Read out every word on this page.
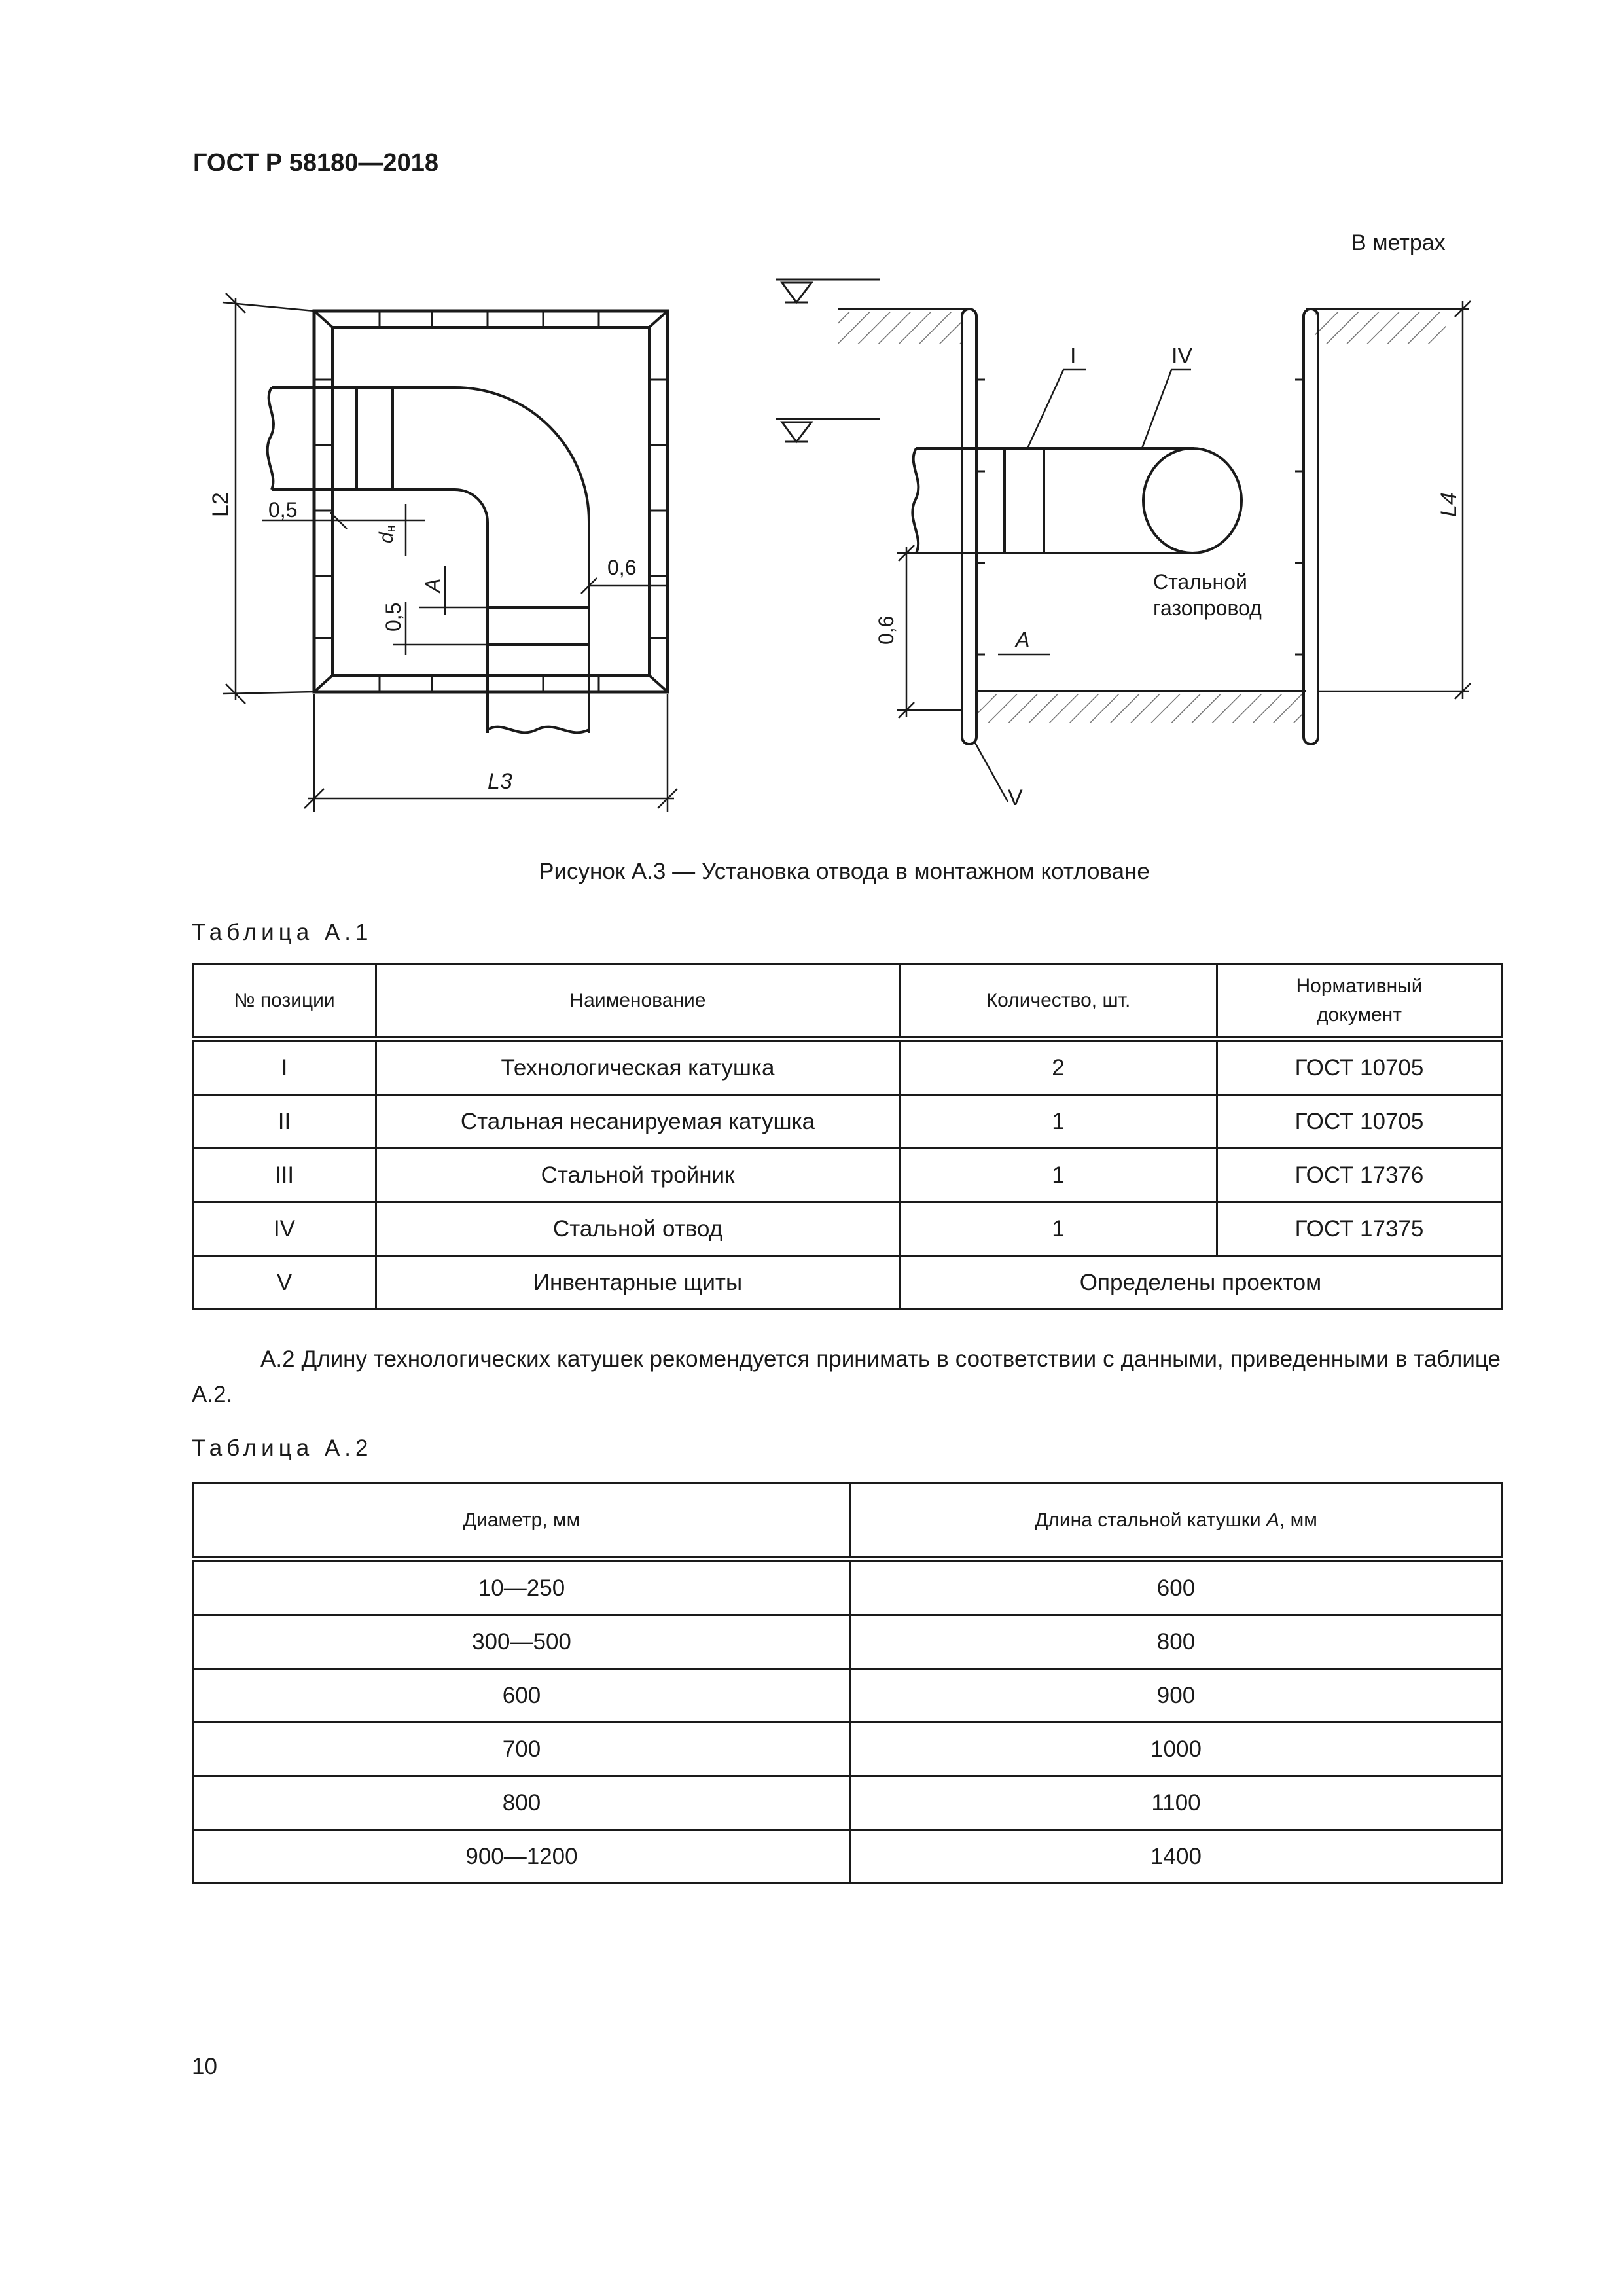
ГОСТ Р 58180—2018
В метрах
L2 0,5
dн
A
0,5
0,6
L3
I	IV
V
0,6	A
L4
Стальной
газопровод
Рисунок А.3 — Установка отвода в монтажном котловане
Таблица А.1
№ позиции	Наименование	Количество, шт.	Нормативный
документ
I	Технологическая катушка	2	ГОСТ 10705
II	Стальная несанируемая катушка	1	ГОСТ 10705
III	Стальной тройник	1	ГОСТ 17376
IV	Стальной отвод	1	ГОСТ 17375
V	Инвентарные щиты	Определены проектом	
А.2 Длину технологических катушек рекомендуется принимать в соответствии с данными, приведенными в таблице А.2.
Таблица А.2
Диаметр, мм	Длина стальной катушки А, мм
10—250	600
300—500	800
600	900
700	1000
800	1100
900—1200	1400
10
